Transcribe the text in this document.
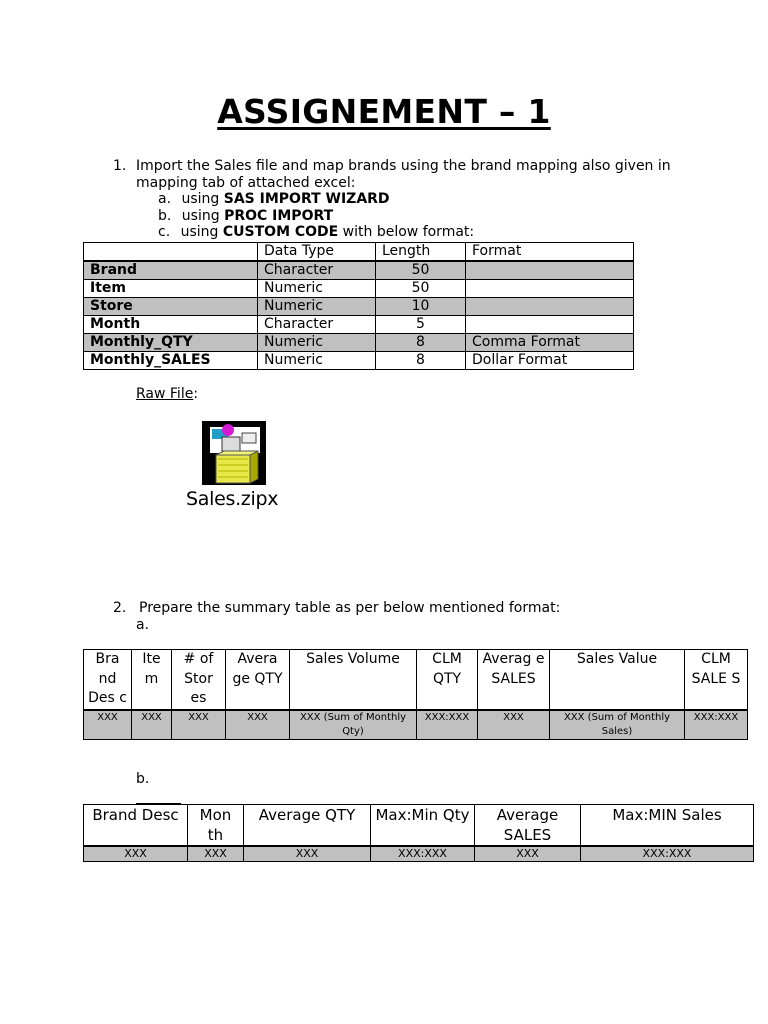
ASSIGNEMENT – 1
1. Import the Sales file and map brands using the brand mapping also given in
mapping tab of attached excel:
a. using SAS IMPORT WIZARD
b. using PROC IMPORT
c. using CUSTOM CODE with below format:
	Data Type	Length	Format
Brand	Character	50	
Item	Numeric	50	
Store	Numeric	10	
Month	Character	5	
Monthly_QTY	Numeric	8	Comma Format
Monthly_SALES	Numeric	8	Dollar Format
Raw File:
Sales.zipx
2. Prepare the summary table as per below mentioned format:
a.
Bra nd Des c	Ite m	# of Stor es	Avera ge QTY	Sales Volume	CLM QTY	Averag e SALES	Sales Value	CLM SALE S
XXX	XXX	XXX	XXX	XXX (Sum of Monthly Qty)	XXX:XXX	XXX	XXX (Sum of Monthly Sales)	XXX:XXX
b.
Brand Desc	Mon th	Average QTY	Max:Min Qty	Average SALES	Max:MIN Sales
XXX	XXX	XXX	XXX:XXX	XXX	XXX:XXX
